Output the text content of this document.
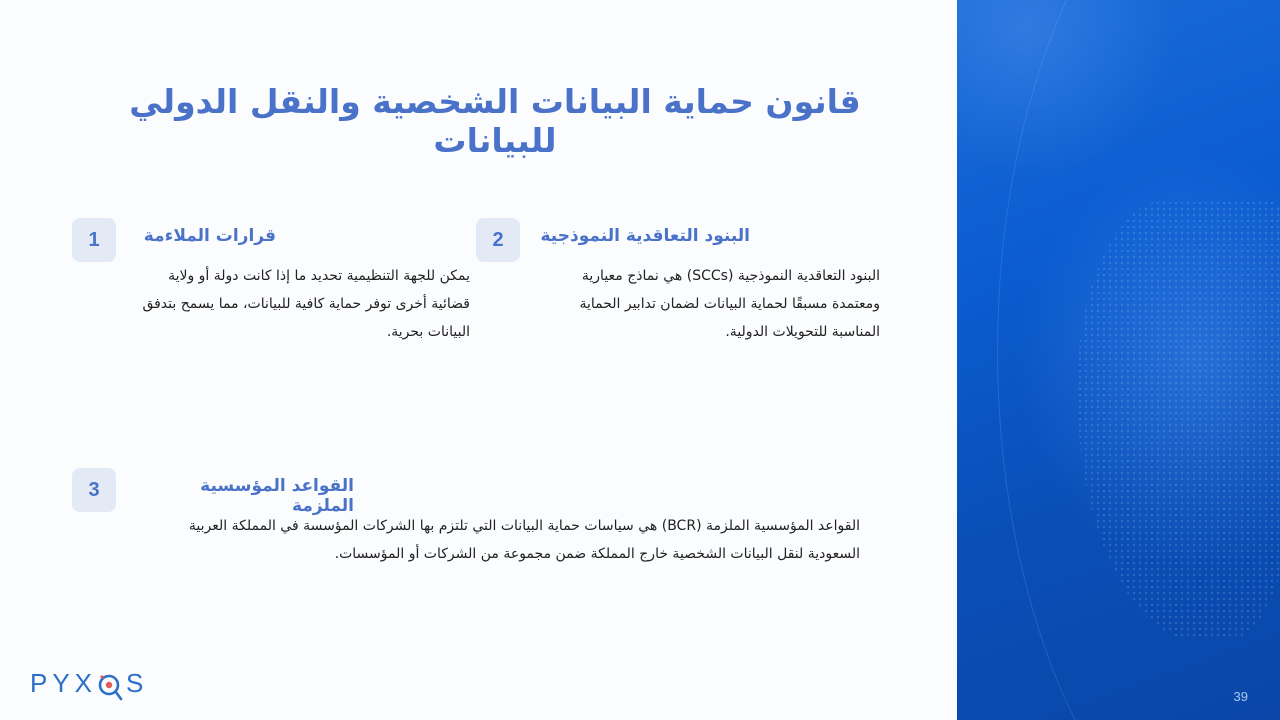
39
قانون حماية البيانات الشخصية والنقل الدولي للبيانات
1	قرارات الملاءمة

يمكن للجهة التنظيمية تحديد ما إذا كانت دولة أو ولاية قضائية أخرى توفر حماية كافية للبيانات، مما يسمح بتدفق البيانات بحرية.

2	البنود التعاقدية النموذجية

البنود التعاقدية النموذجية (SCCs) هي نماذج معيارية ومعتمدة مسبقًا لحماية البيانات لضمان تدابير الحماية المناسبة للتحويلات الدولية.

3	القواعد المؤسسية الملزمة

القواعد المؤسسية الملزمة (BCR) هي سياسات حماية البيانات التي تلتزم بها الشركات المؤسسة في المملكة العربية السعودية لنقل البيانات الشخصية خارج المملكة ضمن مجموعة من الشركات أو المؤسسات.

PYX S
